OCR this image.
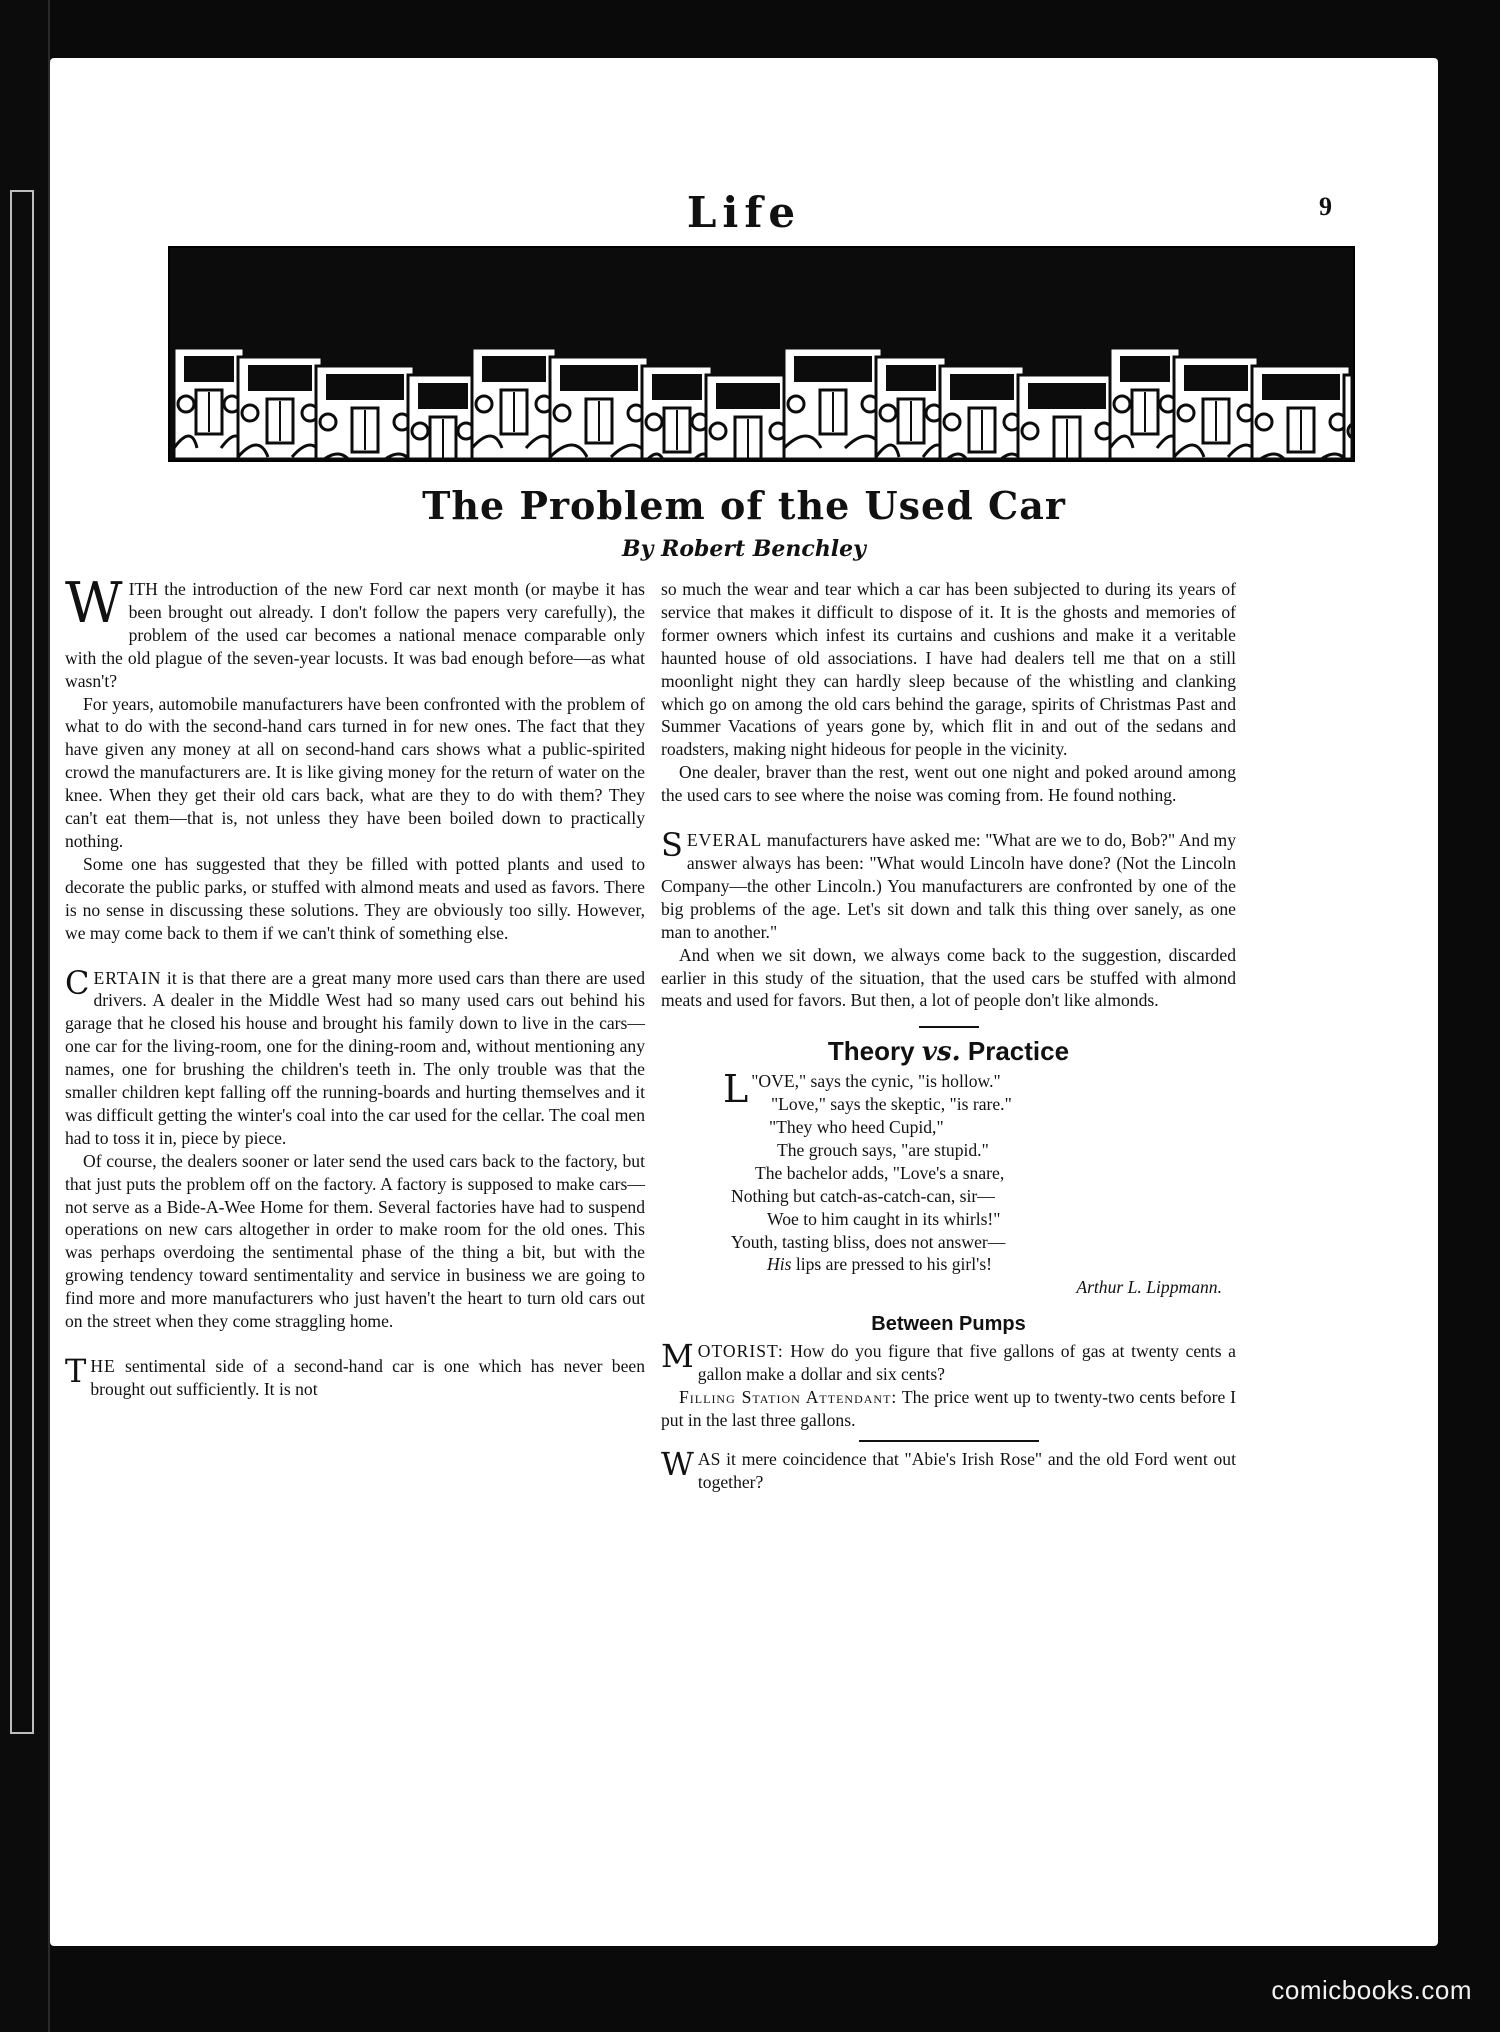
Life	9
The Problem of the Used Car
By Robert Benchley

WITH the introduction of the new Ford car next month (or maybe it has been brought out already. I don't follow the papers very carefully), the problem of the used car becomes a national menace comparable only with the old plague of the seven-year locusts. It was bad enough before—as what wasn't?

For years, automobile manufacturers have been confronted with the problem of what to do with the second-hand cars turned in for new ones. The fact that they have given any money at all on second-hand cars shows what a public-spirited crowd the manufacturers are. It is like giving money for the return of water on the knee. When they get their old cars back, what are they to do with them? They can't eat them—that is, not unless they have been boiled down to practically nothing.

Some one has suggested that they be filled with potted plants and used to decorate the public parks, or stuffed with almond meats and used as favors. There is no sense in discussing these solutions. They are obviously too silly. However, we may come back to them if we can't think of something else.

CERTAIN it is that there are a great many more used cars than there are used drivers. A dealer in the Middle West had so many used cars out behind his garage that he closed his house and brought his family down to live in the cars—one car for the living-room, one for the dining-room and, without mentioning any names, one for brushing the children's teeth in. The only trouble was that the smaller children kept falling off the running-boards and hurting themselves and it was difficult getting the winter's coal into the car used for the cellar. The coal men had to toss it in, piece by piece.

Of course, the dealers sooner or later send the used cars back to the factory, but that just puts the problem off on the factory. A factory is supposed to make cars—not serve as a Bide-A-Wee Home for them. Several factories have had to suspend operations on new cars altogether in order to make room for the old ones. This was perhaps overdoing the sentimental phase of the thing a bit, but with the growing tendency toward sentimentality and service in business we are going to find more and more manufacturers who just haven't the heart to turn old cars out on the street when they come straggling home.

THE sentimental side of a second-hand car is one which has never been brought out sufficiently. It is not

so much the wear and tear which a car has been subjected to during its years of service that makes it difficult to dispose of it. It is the ghosts and memories of former owners which infest its curtains and cushions and make it a veritable haunted house of old associations. I have had dealers tell me that on a still moonlight night they can hardly sleep because of the whistling and clanking which go on among the old cars behind the garage, spirits of Christmas Past and Summer Vacations of years gone by, which flit in and out of the sedans and roadsters, making night hideous for people in the vicinity.

One dealer, braver than the rest, went out one night and poked around among the used cars to see where the noise was coming from. He found nothing.

SEVERAL manufacturers have asked me: "What are we to do, Bob?" And my answer always has been: "What would Lincoln have done? (Not the Lincoln Company—the other Lincoln.) You manufacturers are confronted by one of the big problems of the age. Let's sit down and talk this thing over sanely, as one man to another."

And when we sit down, we always come back to the suggestion, discarded earlier in this study of the situation, that the used cars be stuffed with almond meats and used for favors. But then, a lot of people don't like almonds.

Theory vs. Practice
"
L OVE," says the cynic, "is hollow."
"Love," says the skeptic, "is rare."
"They who heed Cupid,"
The grouch says, "are stupid."
The bachelor adds, "Love's a snare,
Nothing but catch-as-catch-can, sir—
Woe to him caught in its whirls!"
Youth, tasting bliss, does not answer—
His lips are pressed to his girl's!
Arthur L. Lippmann.
Between Pumps

MOTORIST: How do you figure that five gallons of gas at twenty cents a gallon make a dollar and six cents?

Filling Station Attendant: The price went up to twenty-two cents before I put in the last three gallons.

WAS it mere coincidence that "Abie's Irish Rose" and the old Ford went out together?

comicbooks.com
